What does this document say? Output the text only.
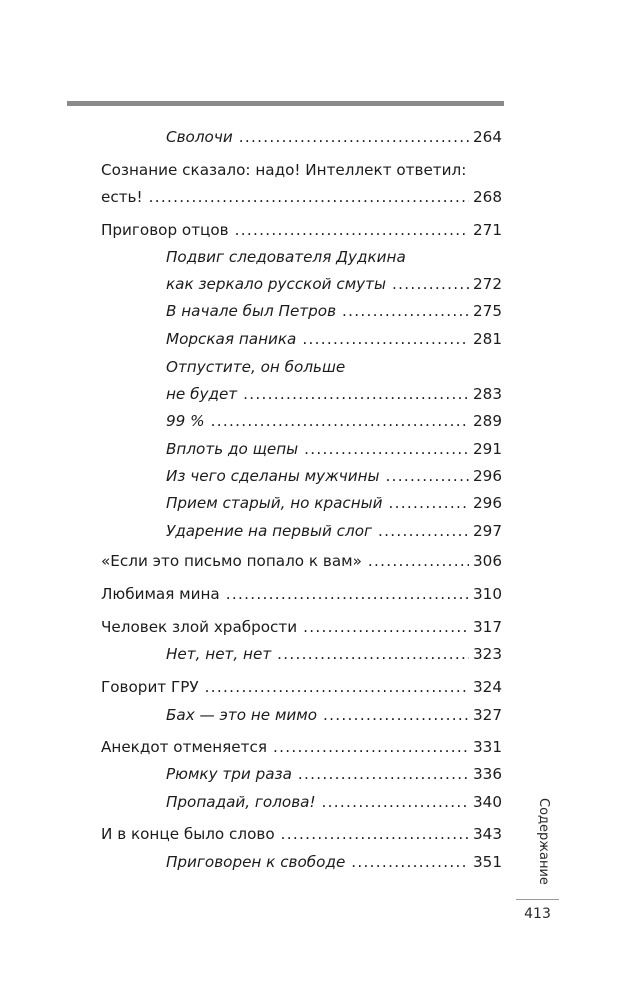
Сволочи .....	264
Сознание сказало: надо! Интеллект ответил:
есть! .....	268
Приговор отцов .....	271
Подвиг следователя Дудкина
как зеркало русской смуты .....	272
В начале был Петров .....	275
Морская паника .....	281
Отпустите, он больше
не будет .....	283
99 % .....	289
Вплоть до щепы .....	291
Из чего сделаны мужчины .....	296
Прием старый, но красный .....	296
Ударение на первый слог .....	297
«Если это письмо попало к вам» .....	306
Любимая мина .....	310
Человек злой храбрости .....	317
Нет, нет, нет .....	323
Говорит ГРУ .....	324
Бах — это не мимо .....	327
Анекдот отменяется .....	331
Рюмку три раза .....	336
Пропадай, голова! .....	340
И в конце было слово .....	343
Приговорен к свободе .....	351	Содержание
413
